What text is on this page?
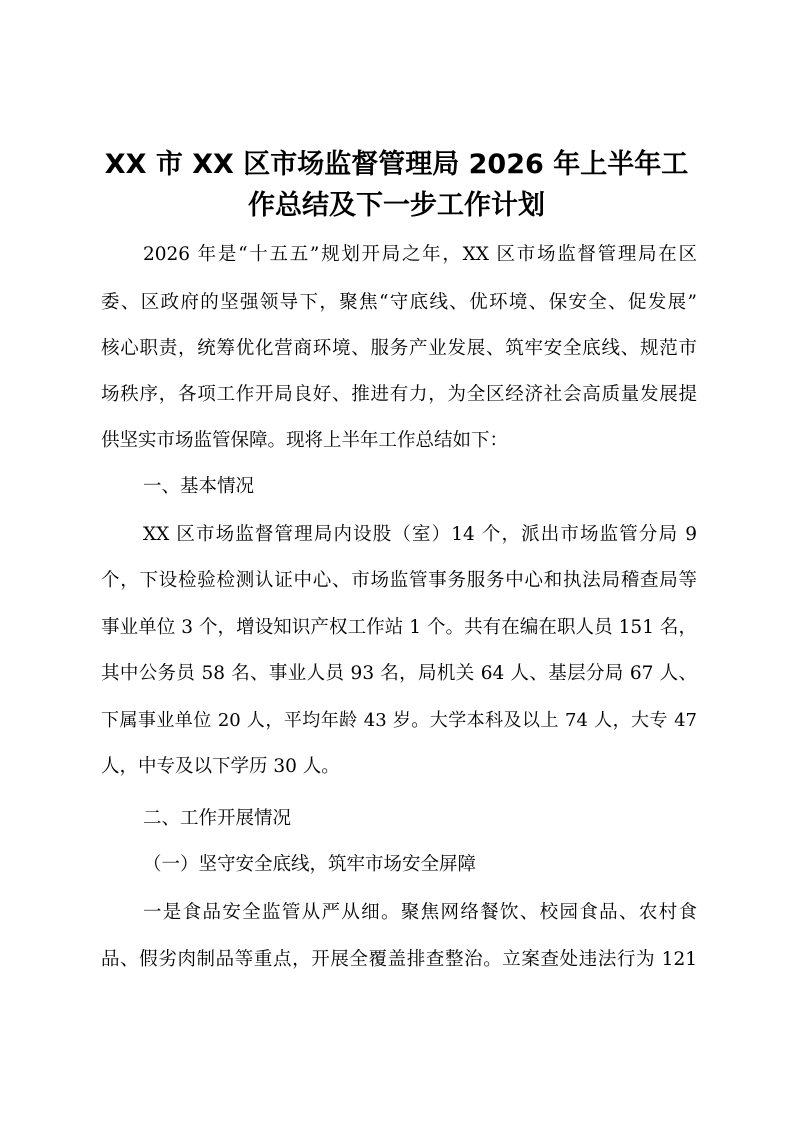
XX 市 XX 区市场监督管理局 2026 年上半年工
作总结及下一步工作计划

2026 年是“十五五”规划开局之年，XX 区市场监督管理局在区

委、区政府的坚强领导下，聚焦“守底线、优环境、保安全、促发展”

核心职责，统筹优化营商环境、服务产业发展、筑牢安全底线、规范市

场秩序，各项工作开局良好、推进有力，为全区经济社会高质量发展提

供坚实市场监管保障。现将上半年工作总结如下：

一、基本情况

XX 区市场监督管理局内设股（室）14 个，派出市场监管分局 9

个，下设检验检测认证中心、市场监管事务服务中心和执法局稽查局等

事业单位 3 个，增设知识产权工作站 1 个。共有在编在职人员 151 名，

其中公务员 58 名、事业人员 93 名，局机关 64 人、基层分局 67 人、

下属事业单位 20 人，平均年龄 43 岁。大学本科及以上 74 人，大专 47

人，中专及以下学历 30 人。

二、工作开展情况

（一）坚守安全底线，筑牢市场安全屏障

一是食品安全监管从严从细。聚焦网络餐饮、校园食品、农村食

品、假劣肉制品等重点，开展全覆盖排查整治。立案查处违法行为 121
